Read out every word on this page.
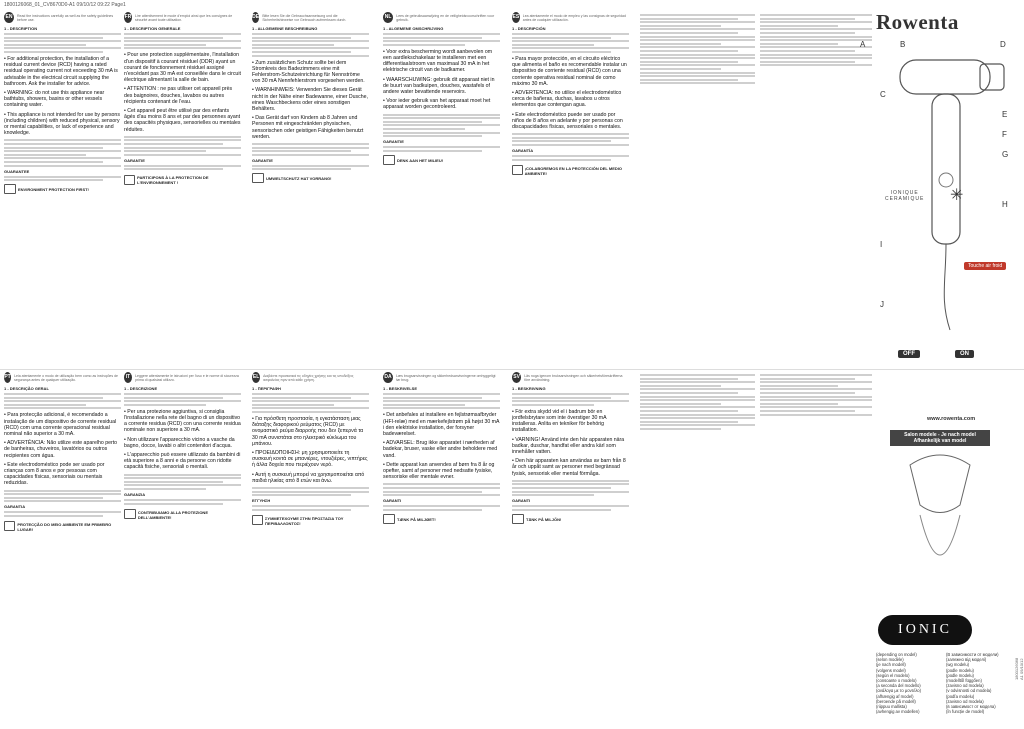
1800126068_01_CV8670D0-A1 09/10/12 09:22 Page1
EN	Read the instructions carefully as well as the safety guidelines before use.
1 - DESCRIPTION
• For additional protection, the installation of a residual current device (RCD) having a rated residual operating current not exceeding 30 mA is advisable in the electrical circuit supplying the bathroom. Ask the installer for advice.
• WARNING: do not use this appliance near bathtubs, showers, basins or other vessels containing water.
• This appliance is not intended for use by persons (including children) with reduced physical, sensory or mental capabilities, or lack of experience and knowledge.
GUARANTEE
ENVIRONMENT PROTECTION FIRST!
FR Lire attentivement le mode d'emploi ainsi que les consignes de sécurité avant toute utilisation.
1 - DESCRIPTION GENERALE
• Pour une protection supplémentaire, l'installation d'un dispositif à courant résiduel (DDR) ayant un courant de fonctionnement résiduel assigné n'excédant pas 30 mA est conseillée dans le circuit électrique alimentant la salle de bain.
• ATTENTION : ne pas utiliser cet appareil près des baignoires, douches, lavabos ou autres récipients contenant de l'eau.
• Cet appareil peut être utilisé par des enfants âgés d'au moins 8 ans et par des personnes ayant des capacités physiques, sensorielles ou mentales réduites.
GARANTIE
PARTICIPONS À LA PROTECTION DE L'ENVIRONNEMENT !
DE Bitte lesen Sie die Gebrauchsanweisung und die Sicherheitshinweise vor Gebrauch aufmerksam durch.
1 - ALLGEMEINE BESCHREIBUNG
• Zum zusätzlichen Schutz sollte bei dem Stromkreis des Badezimmers eine mit Fehlerstrom-Schutzeinrichtung für Nennströme von 30 mA Nennfehlerstrom vorgesehen werden.
• WARNHINWEIS: Verwenden Sie dieses Gerät nicht in der Nähe einer Badewanne, einer Dusche, eines Waschbeckens oder eines sonstigen Behälters.
• Das Gerät darf von Kindern ab 8 Jahren und Personen mit eingeschränkten physischen, sensorischen oder geistigen Fähigkeiten benutzt werden.
GARANTIE
UMWELTSCHUTZ HAT VORRANG!
NL	Lees de gebruiksaanwijzing en de veiligheidsvoorschriften voor gebruik.
1 - ALGEMENE OMSCHRIJVING
• Voor extra bescherming wordt aanbevolen om een aardlekschakelaar te installeren met een differentiaalstroom van maximaal 30 mA in het elektrische circuit van de badkamer.
• WAARSCHUWING: gebruik dit apparaat niet in de buurt van badkuipen, douches, wastafels of andere water bevattende reservoirs.
• Voor ieder gebruik van het apparaat moet het apparaat worden gecontroleerd.
GARANTIE
DENK AAN HET MILIEU!
ES Lea atentamente el modo de empleo y las consignas de seguridad antes de cualquier utilización.
1 - DESCRIPCIÓN
• Para mayor protección, en el circuito eléctrico que alimenta el baño es recomendable instalar un dispositivo de corriente residual (RCD) con una corriente operativa residual nominal de como máximo 30 mA.
• ADVERTENCIA: no utilice el electrodoméstico cerca de bañeras, duchas, lavabos u otros elementos que contengan agua.
• Este electrodoméstico puede ser usado por niños de 8 años en adelante y por personas con discapacidades físicas, sensoriales o mentales.
GARANTÍA
¡COLABOREMOS EN LA PROTECCIÓN DEL MEDIO AMBIENTE!
PT Leia atentamente o modo de utilização bem como as instruções de segurança antes de qualquer utilização.
1 - DESCRIÇÃO GERAL
• Para protecção adicional, é recomendado a instalação de um dispositivo de corrente residual (RCD) com uma corrente operacional residual nominal não superior a 30 mA.
• ADVERTÊNCIA: Não utilize este aparelho perto de banheiras, chuveiros, lavatórios ou outros recipientes com água.
• Este electrodoméstico pode ser usado por crianças com 8 anos e por pessoas com capacidades físicas, sensoriais ou mentais reduzidas.
GARANTIA
PROTECÇÃO DO MEIO AMBIENTE EM PRIMEIRO LUGAR!
IT	Leggere attentamente le istruzioni per l'uso e le norme di sicurezza prima di qualsiasi utilizzo.
1 - DESCRIZIONE
• Per una protezione aggiuntiva, si consiglia l'installazione nella rete del bagno di un dispositivo a corrente residua (RCD) con una corrente residua nominale non superiore a 30 mA.
• Non utilizzare l'apparecchio vicino a vasche da bagno, docce, lavabi o altri contenitori d'acqua.
• L'apparecchio può essere utilizzato da bambini di età superiore a 8 anni e da persone con ridotte capacità fisiche, sensoriali o mentali.
GARANZIA
CONTRIBUIAMO ALLA PROTEZIONE DELL'AMBIENTE!
EL Διαβάστε προσεκτικά τις οδηγίες χρήσης και τις υποδείξεις ασφαλείας πριν από κάθε χρήση.
1 - ΠΕΡΙΓΡΑΦΗ
• Για πρόσθετη προστασία, η εγκατάσταση μιας διάταξης διαφορικού ρεύματος (RCD) με ονομαστικό ρεύμα διαρροής που δεν ξεπερνά τα 30 mA συνιστάται στο ηλεκτρικό κύκλωμα του μπάνιου.
• ΠΡΟΕΙΔΟΠΟΙΗΣΗ: μη χρησιμοποιείτε τη συσκευή κοντά σε μπανιέρες, ντουζιέρες, νιπτήρες ή άλλα δοχεία που περιέχουν νερό.
• Αυτή η συσκευή μπορεί να χρησιμοποιείται από παιδιά ηλικίας από 8 ετών και άνω.
ΕΓΓΥΗΣΗ
ΣΥΜΜΕΤΕΧΟΥΜΕ ΣΤΗΝ ΠΡΟΣΤΑΣΙΑ ΤΟΥ ΠΕΡΙΒΑΛΛΟΝΤΟΣ!
DA	Læs brugsanvisningen og sikkerhedsanvisningerne omhyggeligt før brug.
1 - BESKRIVELSE
• Det anbefales at installere en fejlstrømsafbryder (HFI-relæ) med en mærkefejlstrøm på højst 30 mA i den elektriske installation, der forsyner badeværelset.
• ADVARSEL: Brug ikke apparatet i nærheden af badekar, bruser, vaske eller andre beholdere med vand.
• Dette apparat kan anvendes af børn fra 8 år og opefter, samt af personer med nedsatte fysiske, sensoriske eller mentale evner.
GARANTI
TÆNK PÅ MILJØET!
SV	Läs noga igenom bruksanvisningen och säkerhetsföreskrifterna före användning.
1 - BESKRIVNING
• För extra skydd vid el i badrum bör en jordfelsbrytare som inte överstiger 30 mA installeras. Anlita en tekniker för behörig installation.
• VARNING! Använd inte den här apparaten nära badkar, duschar, handfat eller andra kärl som innehåller vatten.
• Den här apparaten kan användas av barn från 8 år och uppåt samt av personer med begränsad fysisk, sensorisk eller mental förmåga.
GARANTI
TÄNK PÅ MILJÖN!
Rowenta
A	B
C
D
E
F
G
H
I
J
IONIQUE
CERAMIQUE ✳
Touche air froid
OFF	ON
www.rowenta.com
Salon modele - Je nach model
Afhankelijk van model
IONIC
(depending on model)
(selon modèle)
(je nach modell)
(volgens model)
(según el modelo)
(consoante o modelo)
(a seconda del modello)
(ανάλογα με το μοντέλο)
(afhængig af model)
(beroende på modell)
(riippuu mallista)
(avhengig av modellen)
(В зависимости от модели)
(залежно від моделі)
(wg modelu)
(podle modelu)
(podle modelu)
(modelltől függően)
(zavisno od modela)
(v odvisnosti od modela)
(podľa modelu)
(zavisno od modela)
(в зависимост от модела)
(în funcție de model)
1800126068 A1 09/10/12
